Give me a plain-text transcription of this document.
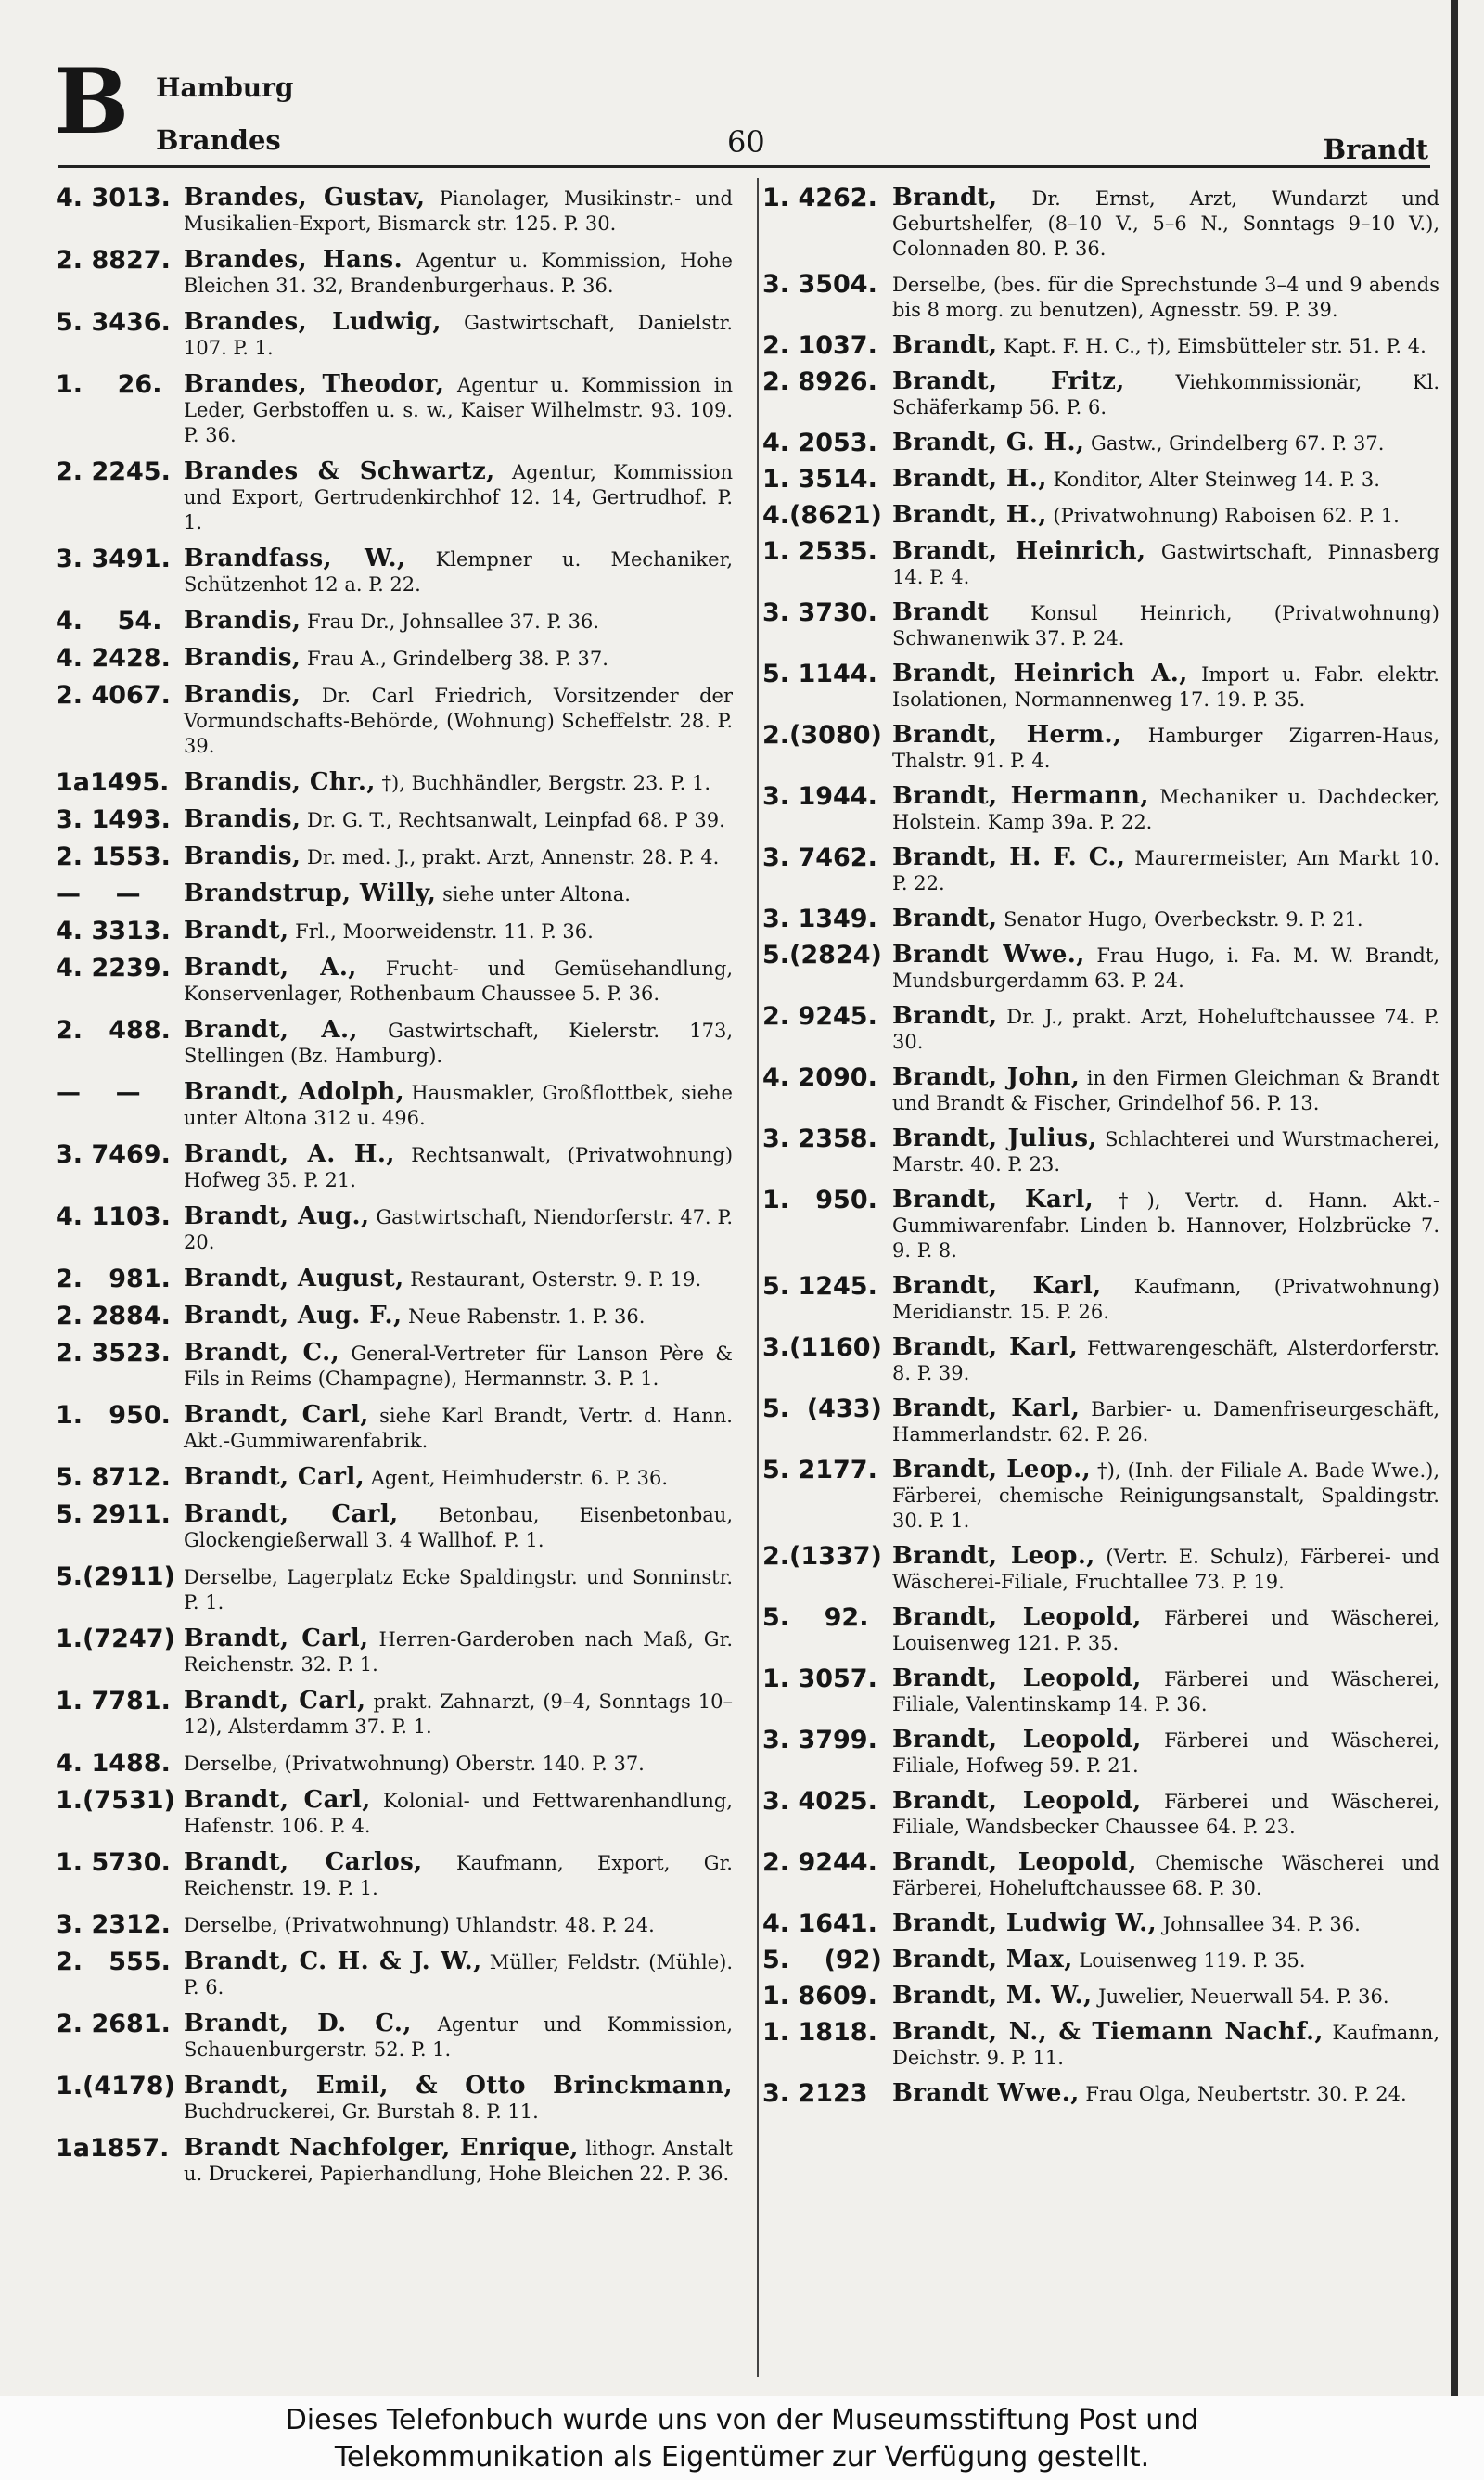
B Hamburg
Brandes	60	Brandt
4. 3013. Brandes, Gustav, Pianolager, Musikinstr.- und Musikalien-Export, Bismarck str. 125. P. 30.
2. 8827. Brandes, Hans. Agentur u. Kommission, Hohe Bleichen 31. 32, Brandenburgerhaus. P. 36.
5. 3436. Brandes, Ludwig, Gastwirtschaft, Danielstr. 107. P. 1.
1.    26. Brandes, Theodor, Agentur u. Kommission in Leder, Gerbstoffen u. s. w., Kaiser Wilhelmstr. 93. 109. P. 36.
2. 2245. Brandes & Schwartz, Agentur, Kommission und Export, Gertrudenkirchhof 12. 14, Gertrudhof. P. 1.
3. 3491. Brandfass, W., Klempner u. Mechaniker, Schützenhot 12 a. P. 22.
4.    54. Brandis, Frau Dr., Johnsallee 37. P. 36.
4. 2428. Brandis, Frau A., Grindelberg 38. P. 37.
2. 4067. Brandis, Dr. Carl Friedrich, Vorsitzender der Vormundschafts-Behörde, (Wohnung) Scheffelstr. 28. P. 39.
1a1495. Brandis, Chr., †), Buchhändler, Bergstr. 23. P. 1.
3. 1493. Brandis, Dr. G. T., Rechtsanwalt, Leinpfad 68. P 39.
2. 1553. Brandis, Dr. med. J., prakt. Arzt, Annenstr. 28. P. 4.
—    —	Brandstrup, Willy, siehe unter Altona.
4. 3313. Brandt, Frl., Moorweidenstr. 11. P. 36.
4. 2239. Brandt, A., Frucht- und Gemüsehandlung, Konservenlager, Rothenbaum Chaussee 5. P. 36.
2.   488. Brandt, A., Gastwirtschaft, Kielerstr. 173, Stellingen (Bz. Hamburg).
—    —	Brandt, Adolph, Hausmakler, Großflottbek, siehe unter Altona 312 u. 496.
3. 7469. Brandt, A. H., Rechtsanwalt, (Privatwohnung) Hofweg 35. P. 21.
4. 1103. Brandt, Aug., Gastwirtschaft, Niendorferstr. 47. P. 20.
2.   981. Brandt, August, Restaurant, Osterstr. 9. P. 19.
2. 2884. Brandt, Aug. F., Neue Rabenstr. 1. P. 36.
2. 3523. Brandt, C., General-Vertreter für Lanson Père & Fils in Reims (Champagne), Hermannstr. 3. P. 1.
1.   950. Brandt, Carl, siehe Karl Brandt, Vertr. d. Hann. Akt.-Gummiwarenfabrik.
5. 8712. Brandt, Carl, Agent, Heimhuderstr. 6. P. 36.
5. 2911. Brandt, Carl, Betonbau, Eisenbetonbau, Glockengießerwall 3. 4 Wallhof. P. 1.
5.(2911) Derselbe, Lagerplatz Ecke Spaldingstr. und Sonninstr. P. 1.
1.(7247) Brandt, Carl, Herren-Garderoben nach Maß, Gr. Reichenstr. 32. P. 1.
1. 7781. Brandt, Carl, prakt. Zahnarzt, (9–4, Sonntags 10–12), Alsterdamm 37. P. 1.
4. 1488. Derselbe, (Privatwohnung) Oberstr. 140. P. 37.
1.(7531) Brandt, Carl, Kolonial- und Fettwarenhandlung, Hafenstr. 106. P. 4.
1. 5730. Brandt, Carlos, Kaufmann, Export, Gr. Reichenstr. 19. P. 1.
3. 2312. Derselbe, (Privatwohnung) Uhlandstr. 48. P. 24.
2.   555. Brandt, C. H. & J. W., Müller, Feldstr. (Mühle). P. 6.
2. 2681. Brandt, D. C., Agentur und Kommission, Schauenburgerstr. 52. P. 1.
1.(4178) Brandt, Emil, & Otto Brinckmann, Buchdruckerei, Gr. Burstah 8. P. 11.
1a1857. Brandt Nachfolger, Enrique, lithogr. Anstalt u. Druckerei, Papierhandlung, Hohe Bleichen 22. P. 36.
1. 4262. Brandt, Dr. Ernst, Arzt, Wundarzt und Geburtshelfer, (8–10 V., 5–6 N., Sonntags 9–10 V.), Colonnaden 80. P. 36.
3. 3504. Derselbe, (bes. für die Sprechstunde 3–4 und 9 abends bis 8 morg. zu benutzen), Agnesstr. 59. P. 39.
2. 1037. Brandt, Kapt. F. H. C., †), Eimsbütteler str. 51. P. 4.
2. 8926. Brandt, Fritz, Viehkommissionär, Kl. Schäferkamp 56. P. 6.
4. 2053. Brandt, G. H., Gastw., Grindelberg 67. P. 37.
1. 3514. Brandt, H., Konditor, Alter Steinweg 14. P. 3.
4.(8621) Brandt, H., (Privatwohnung) Raboisen 62. P. 1.
1. 2535. Brandt, Heinrich, Gastwirtschaft, Pinnasberg 14. P. 4.
3. 3730. Brandt Konsul Heinrich, (Privatwohnung) Schwanenwik 37. P. 24.
5. 1144. Brandt, Heinrich A., Import u. Fabr. elektr. Isolationen, Normannenweg 17. 19. P. 35.
2.(3080) Brandt, Herm., Hamburger Zigarren-Haus, Thalstr. 91. P. 4.
3. 1944. Brandt, Hermann, Mechaniker u. Dachdecker, Holstein. Kamp 39a. P. 22.
3. 7462. Brandt, H. F. C., Maurermeister, Am Markt 10. P. 22.
3. 1349. Brandt, Senator Hugo, Overbeckstr. 9. P. 21.
5.(2824) Brandt Wwe., Frau Hugo, i. Fa. M. W. Brandt, Mundsburgerdamm 63. P. 24.
2. 9245. Brandt, Dr. J., prakt. Arzt, Hoheluftchaussee 74. P. 30.
4. 2090. Brandt, John, in den Firmen Gleichman & Brandt und Brandt & Fischer, Grindelhof 56. P. 13.
3. 2358. Brandt, Julius, Schlachterei und Wurstmacherei, Marstr. 40. P. 23.
1.   950. Brandt, Karl, †), Vertr. d. Hann. Akt.-Gummiwarenfabr. Linden b. Hannover, Holzbrücke 7. 9. P. 8.
5. 1245. Brandt, Karl, Kaufmann, (Privatwohnung) Meridianstr. 15. P. 26.
3.(1160) Brandt, Karl, Fettwarengeschäft, Alsterdorferstr. 8. P. 39.
5.  (433) Brandt, Karl, Barbier- u. Damenfriseurgeschäft, Hammerlandstr. 62. P. 26.
5. 2177. Brandt, Leop., †), (Inh. der Filiale A. Bade Wwe.), Färberei, chemische Reinigungsanstalt, Spaldingstr. 30. P. 1.
2.(1337) Brandt, Leop., (Vertr. E. Schulz), Färberei- und Wäscherei-Filiale, Fruchtallee 73. P. 19.
5.    92. Brandt, Leopold, Färberei und Wäscherei, Louisenweg 121. P. 35.
1. 3057. Brandt, Leopold, Färberei und Wäscherei, Filiale, Valentinskamp 14. P. 36.
3. 3799. Brandt, Leopold, Färberei und Wäscherei, Filiale, Hofweg 59. P. 21.
3. 4025. Brandt, Leopold, Färberei und Wäscherei, Filiale, Wandsbecker Chaussee 64. P. 23.
2. 9244. Brandt, Leopold, Chemische Wäscherei und Färberei, Hoheluftchaussee 68. P. 30.
4. 1641. Brandt, Ludwig W., Johnsallee 34. P. 36.
5.    (92) Brandt, Max, Louisenweg 119. P. 35.
1. 8609. Brandt, M. W., Juwelier, Neuerwall 54. P. 36.
1. 1818. Brandt, N., & Tiemann Nachf., Kaufmann, Deichstr. 9. P. 11.
3. 2123	Brandt Wwe., Frau Olga, Neubertstr. 30. P. 24.
Dieses Telefonbuch wurde uns von der Museumsstiftung Post und
Telekommunikation als Eigentümer zur Verfügung gestellt.
